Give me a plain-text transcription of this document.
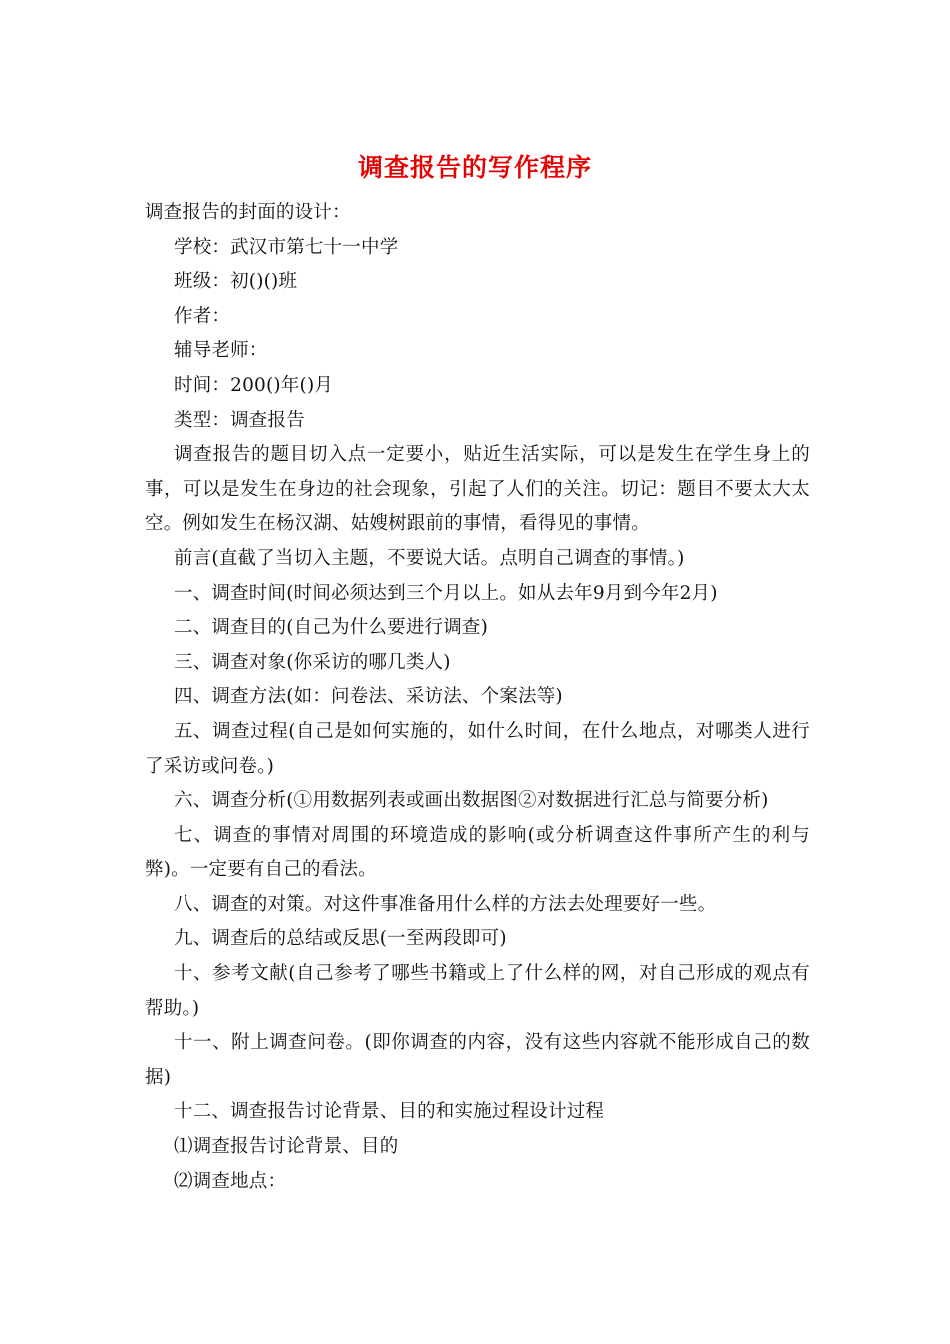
调查报告的写作程序

调查报告的封面的设计：

学校：武汉市第七十一中学

班级：初()()班

作者：

辅导老师：

时间：200()年()月

类型：调查报告

调查报告的题目切入点一定要小，贴近生活实际，可以是发生在学生身上的事，可以是发生在身边的社会现象，引起了人们的关注。切记：题目不要太大太空。例如发生在杨汉湖、姑嫂树跟前的事情，看得见的事情。

前言(直截了当切入主题，不要说大话。点明自己调查的事情。)

一、调查时间(时间必须达到三个月以上。如从去年9月到今年2月)

二、调查目的(自己为什么要进行调查)

三、调查对象(你采访的哪几类人)

四、调查方法(如：问卷法、采访法、个案法等)

五、调查过程(自己是如何实施的，如什么时间，在什么地点，对哪类人进行了采访或问卷。)

六、调查分析(①用数据列表或画出数据图②对数据进行汇总与简要分析)

七、调查的事情对周围的环境造成的影响(或分析调查这件事所产生的利与弊)。一定要有自己的看法。

八、调查的对策。对这件事准备用什么样的方法去处理要好一些。

九、调查后的总结或反思(一至两段即可)

十、参考文献(自己参考了哪些书籍或上了什么样的网，对自己形成的观点有帮助。)

十一、附上调查问卷。(即你调查的内容，没有这些内容就不能形成自己的数据)

十二、调查报告讨论背景、目的和实施过程设计过程

⑴调查报告讨论背景、目的

⑵调查地点：
